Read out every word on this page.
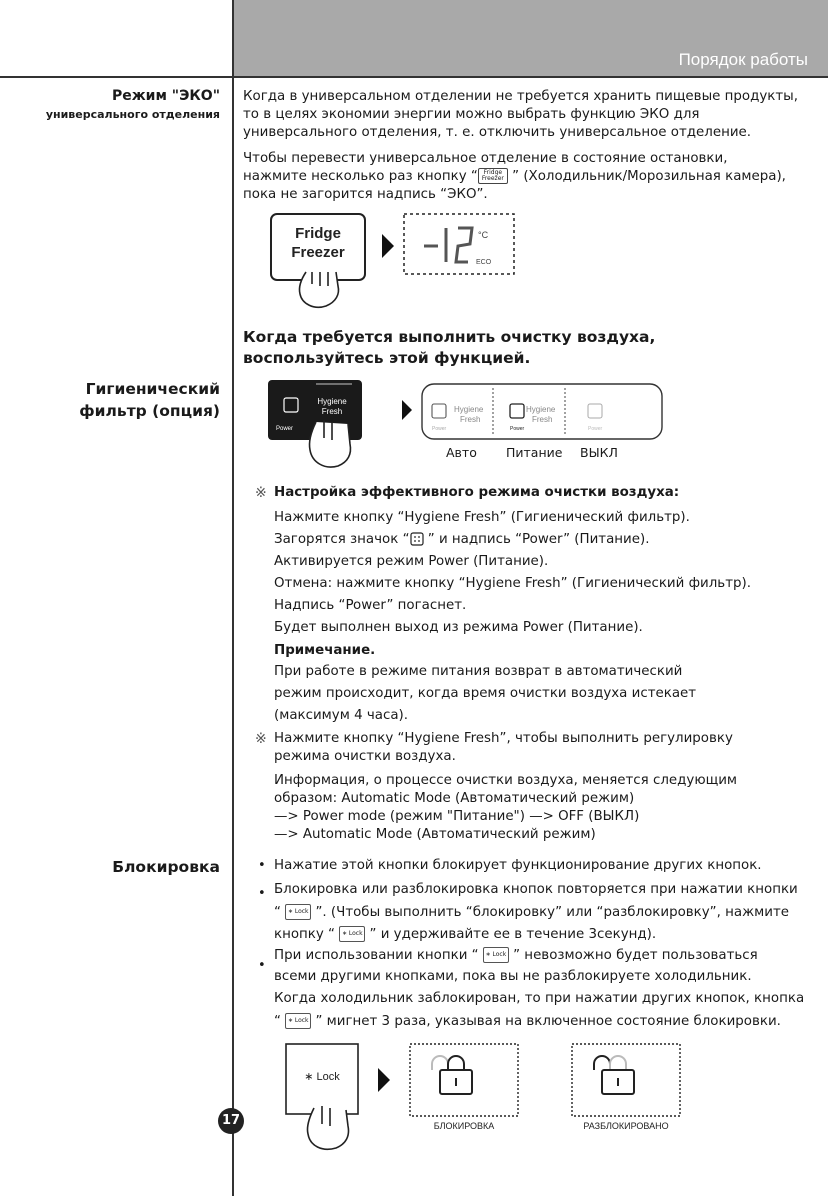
Порядок работы
Режим "ЭКО"
универсального отделения
Когда в универсальном отделении не требуется хранить пищевые продукты, то в целях экономии энергии можно выбрать функцию ЭКО для универсального отделения, т. е. отключить универсальное отделение.
Чтобы перевести универсальное отделение в состояние остановки,
нажмите несколько раз кнопку “ Fridge
Freezer ” (Холодильник/Морозильная камера),
пока не загорится надпись “ЭКО”.
Fridge
Freezer
°C
ECO
Когда требуется выполнить очистку воздуха,
воспользуйтесь этой функцией.
Гигиенический
фильтр (опция)
Power
Hygiene
Fresh	Hygiene
Fresh
Power
Hygiene
Fresh
Power	Power
Авто Питание ВЫКЛ
※ Настройка эффективного режима очистки воздуха:
Нажмите кнопку “Hygiene Fresh” (Гигиенический фильтр).
Загорятся значок “ ” и надпись “Power” (Питание).
Активируется режим Power (Питание).
Отмена: нажмите кнопку “Hygiene Fresh” (Гигиенический фильтр).
Надпись “Power” погаснет.
Будет выполнен выход из режима Power (Питание).
Примечание.
При работе в режиме питания возврат в автоматический
режим происходит, когда время очистки воздуха истекает
(максимум 4 часа).
※ Нажмите кнопку “Hygiene Fresh”, чтобы выполнить регулировку
режима очистки воздуха.
Информация, о процессе очистки воздуха, меняется следующим
образом: Automatic Mode (Автоматический режим)
—> Power mode (режим "Питание") —> OFF (ВЫКЛ)
—> Automatic Mode (Автоматический режим)
Блокировка	• Нажатие этой кнопки блокирует функционирование других кнопок.
• Блокировка или разблокировка кнопок повторяется при нажатии кнопки
“ ∗ Lock ”. (Чтобы выполнить “блокировку” или “разблокировку”, нажмите
кнопку “ ∗ Lock ” и удерживайте ее в течение 3секунд).
•
При использовании кнопки “ ∗ Lock ” невозможно будет пользоваться
всеми другими кнопками, пока вы не разблокируете холодильник.
Когда холодильник заблокирован, то при нажатии других кнопок, кнопка
“ ∗ Lock ” мигнет 3 раза, указывая на включенное состояние блокировки.
∗ Lock
БЛОКИРОВКА	РАЗБЛОКИРОВАНО
17
